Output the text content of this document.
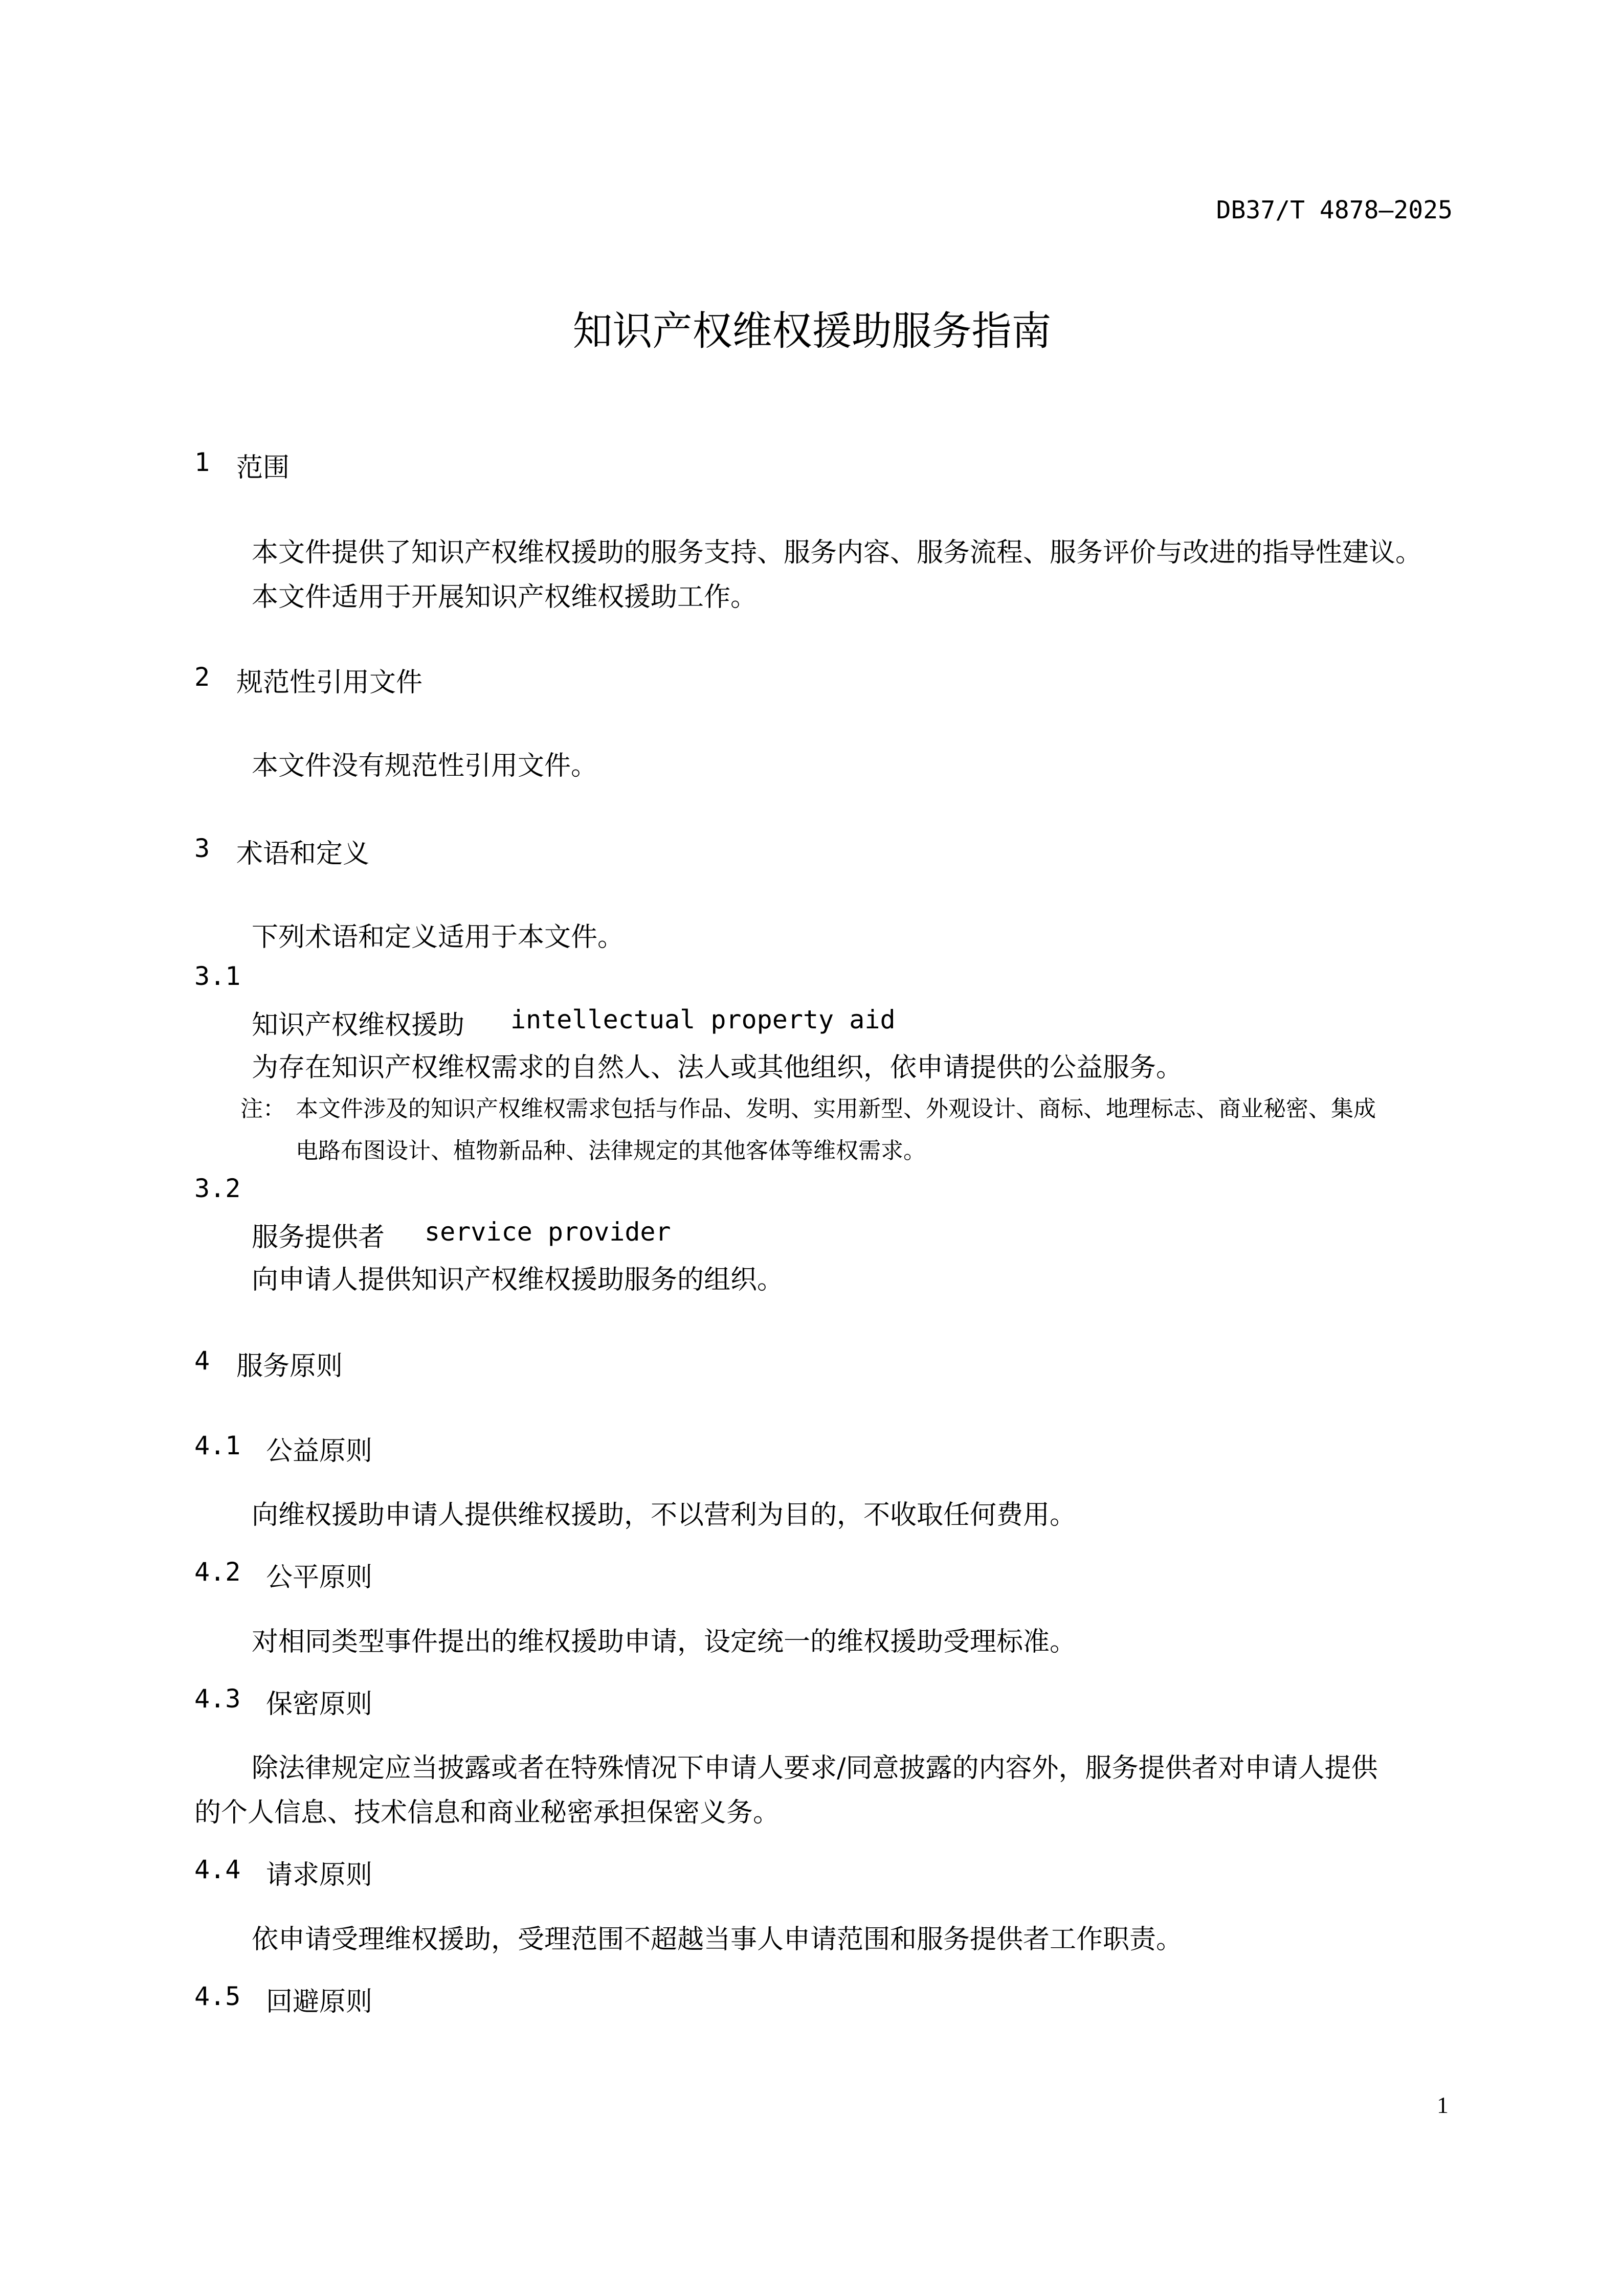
DB37/T 4878—2025
知识产权维权援助服务指南
1 范围
本文件提供了知识产权维权援助的服务支持、服务内容、服务流程、服务评价与改进的指导性建议。
本文件适用于开展知识产权维权援助工作。
2 规范性引用文件
本文件没有规范性引用文件。
3 术语和定义
下列术语和定义适用于本文件。
3.1
知识产权维权援助 intellectual property aid
为存在知识产权维权需求的自然人、法人或其他组织，依申请提供的公益服务。
注： 本文件涉及的知识产权维权需求包括与作品、发明、实用新型、外观设计、商标、地理标志、商业秘密、集成
电路布图设计、植物新品种、法律规定的其他客体等维权需求。
3.2
服务提供者 service provider
向申请人提供知识产权维权援助服务的组织。
4 服务原则
4.1 公益原则
向维权援助申请人提供维权援助，不以营利为目的，不收取任何费用。
4.2 公平原则
对相同类型事件提出的维权援助申请，设定统一的维权援助受理标准。
4.3 保密原则
除法律规定应当披露或者在特殊情况下申请人要求/同意披露的内容外，服务提供者对申请人提供
的个人信息、技术信息和商业秘密承担保密义务。
4.4 请求原则
依申请受理维权援助，受理范围不超越当事人申请范围和服务提供者工作职责。
4.5 回避原则
1
